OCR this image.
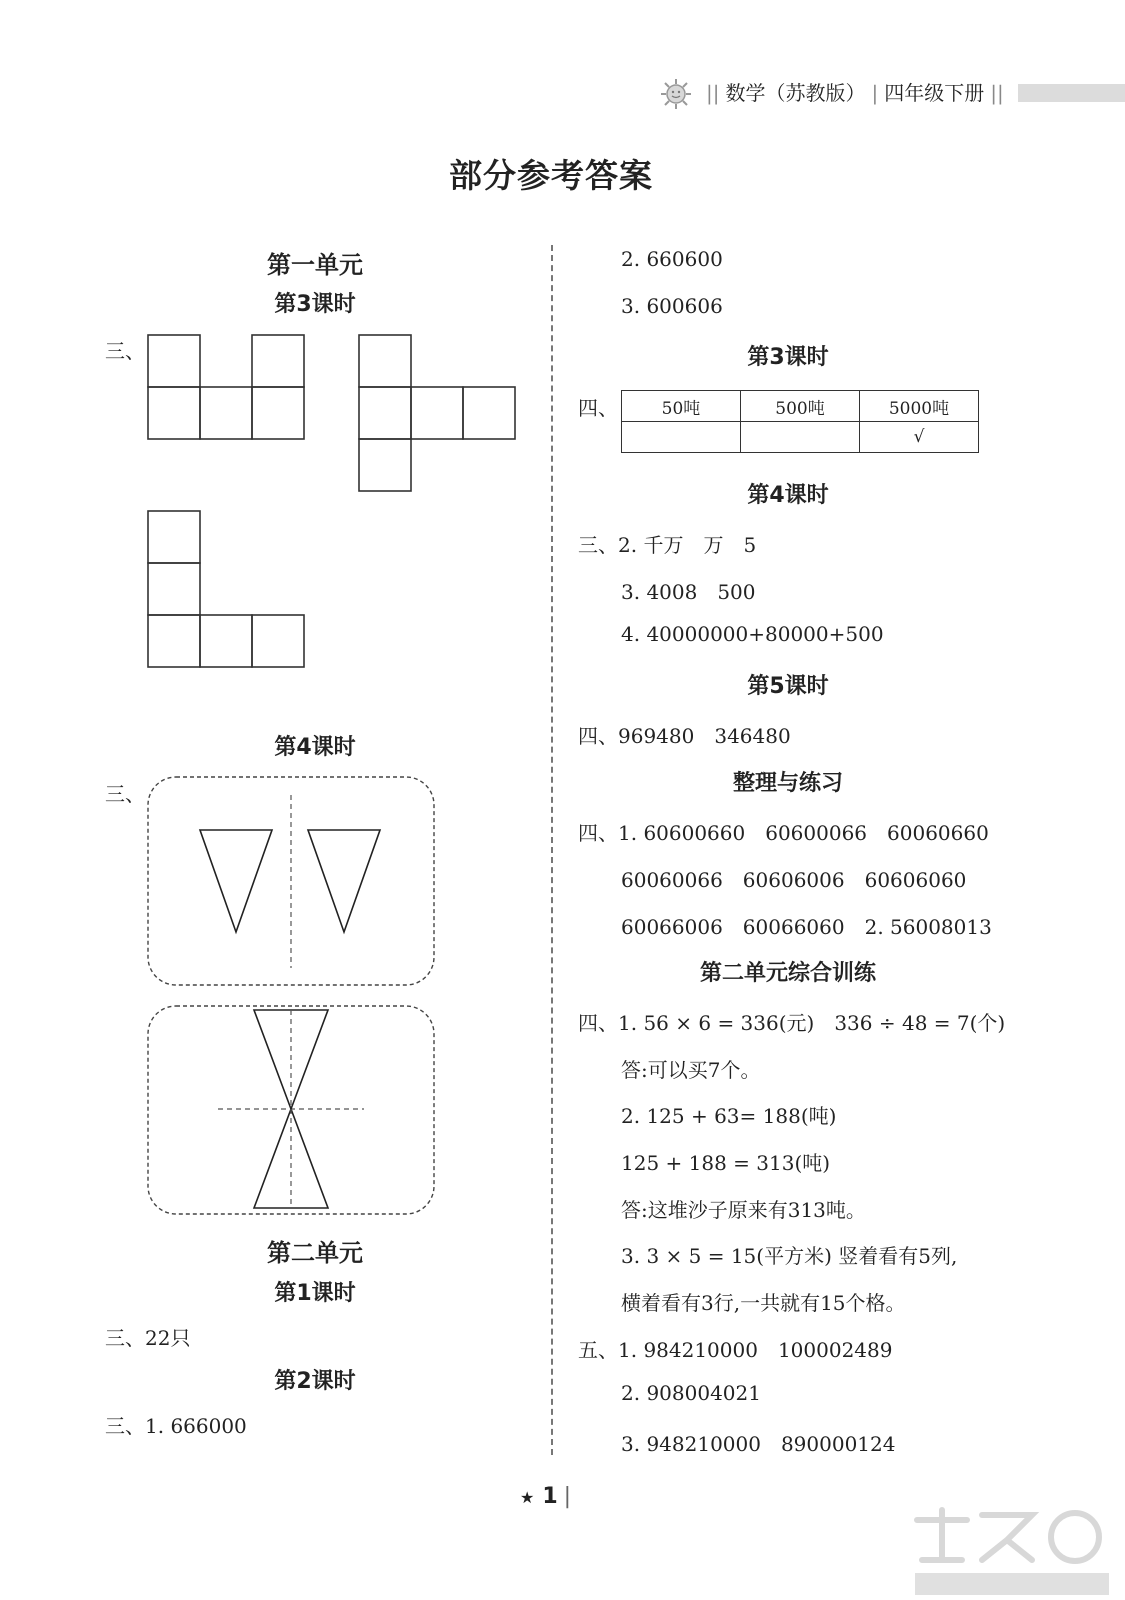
|| 数学（苏教版） | 四年级下册 ||
部分参考答案
第一单元
第3课时
三、
第4课时
三、
第二单元
第1课时
三、22只
第2课时
三、1. 666000
2. 660600
3. 600606
第3课时
四、	50吨	500吨	5000吨
		√
第4课时
三、2. 千万　万　5
3. 4008　500
4. 40000000+80000+500
第5课时
四、969480　346480
整理与练习
四、1. 60600660　60600066　60060660
60060066　60606006　60606060
60066006　60066060　2. 56008013
第二单元综合训练
四、1. 56 × 6 = 336(元)　336 ÷ 48 = 7(个)
答:可以买7个。
2. 125 + 63= 188(吨)
125 + 188 = 313(吨)
答:这堆沙子原来有313吨。
3. 3 × 5 = 15(平方米) 竖着看有5列,
横着看有3行,一共就有15个格。
五、1. 984210000　100002489
2. 908004021
3. 948210000　890000124
★ 1 |
